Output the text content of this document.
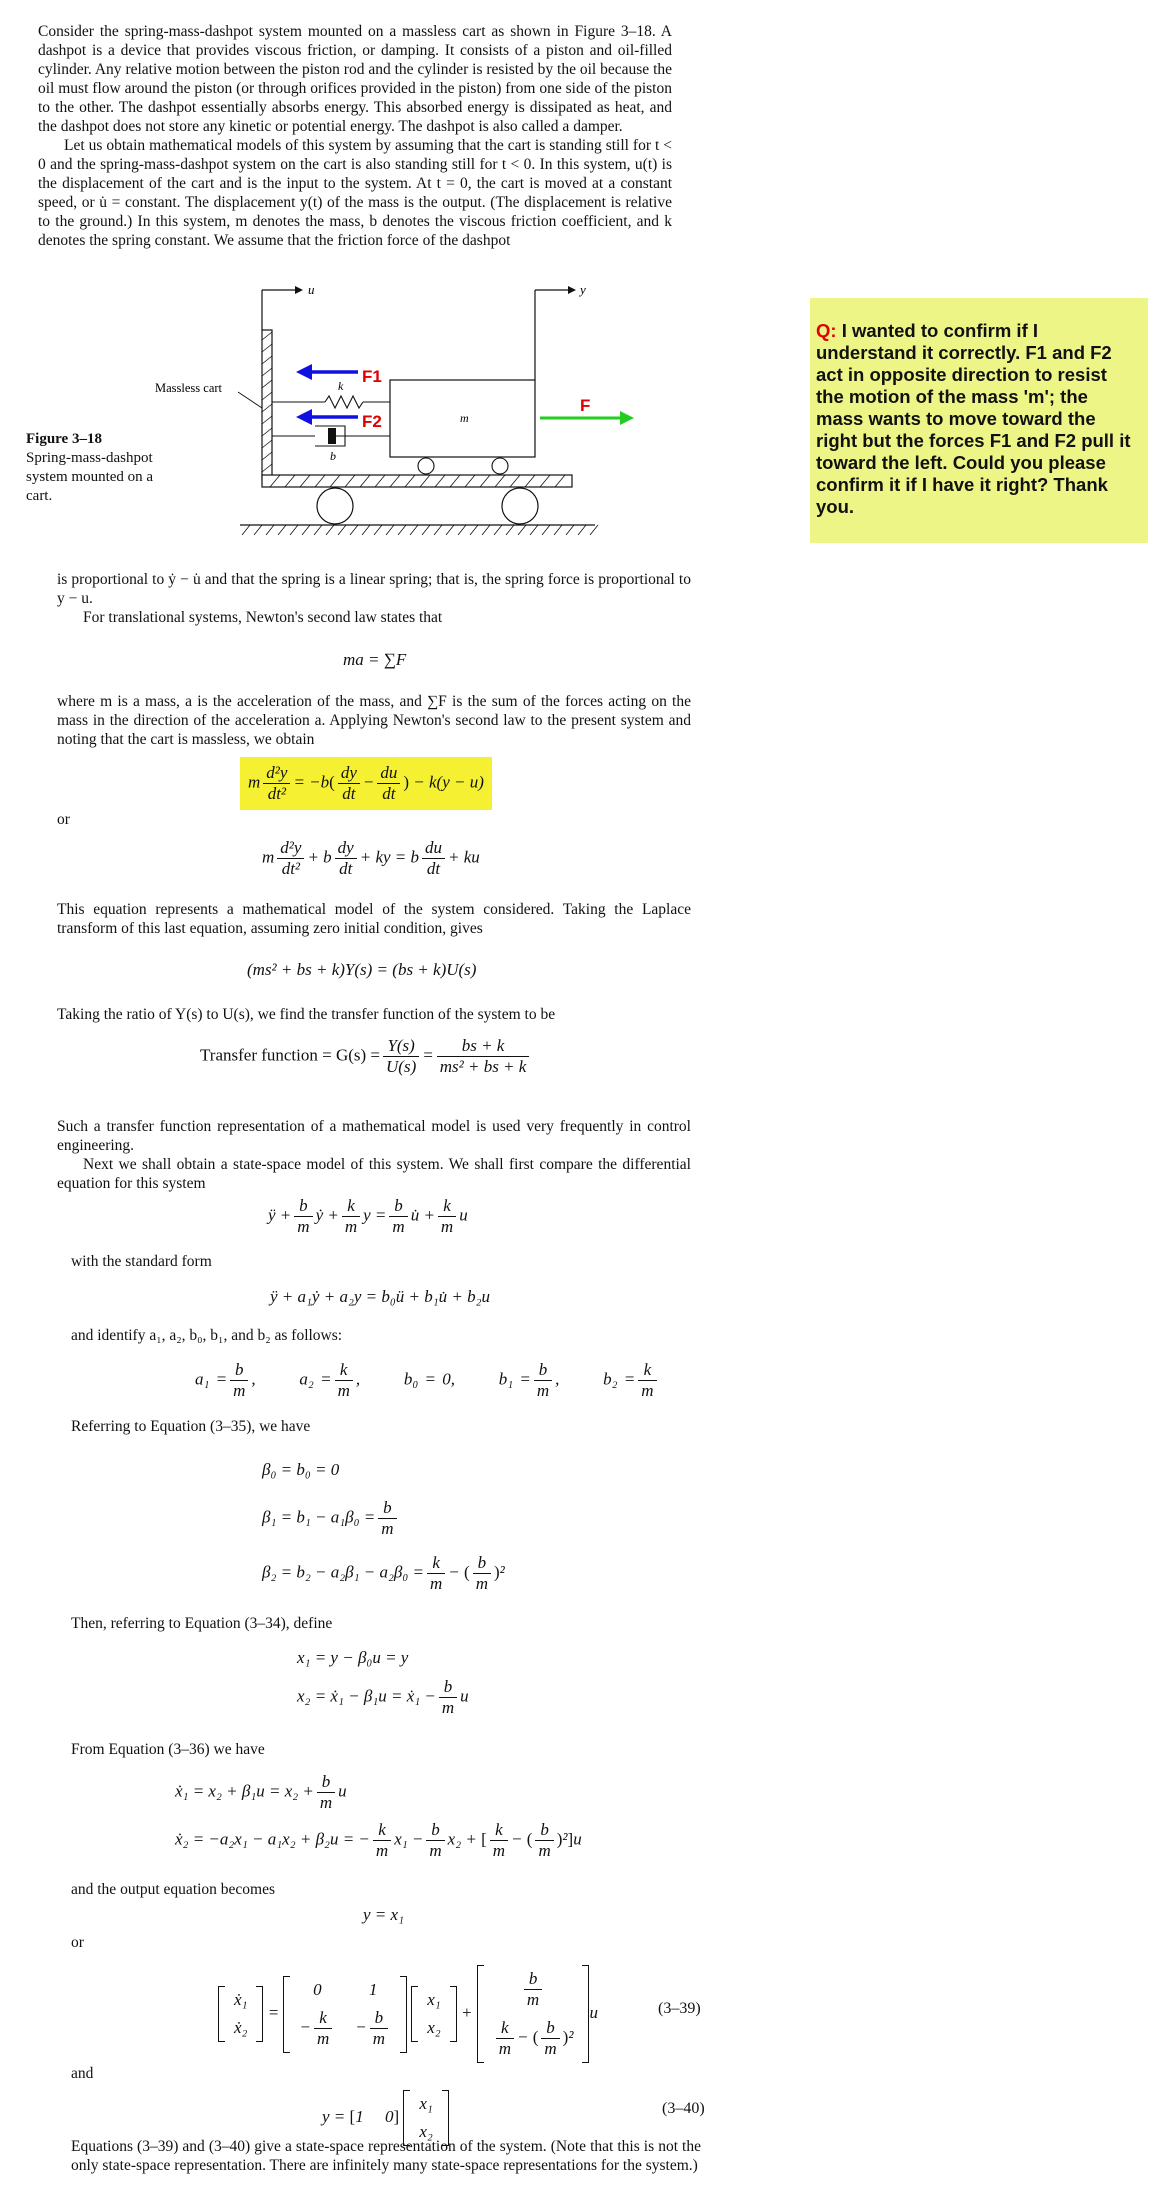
Consider the spring-mass-dashpot system mounted on a massless cart as shown in Figure 3–18. A dashpot is a device that provides viscous friction, or damping. It consists of a piston and oil-filled cylinder. Any relative motion between the piston rod and the cylinder is resisted by the oil because the oil must flow around the piston (or through orifices provided in the piston) from one side of the piston to the other. The dashpot essentially absorbs energy. This absorbed energy is dissipated as heat, and the dashpot does not store any kinetic or potential energy. The dashpot is also called a damper.

Let us obtain mathematical models of this system by assuming that the cart is standing still for t < 0 and the spring-mass-dashpot system on the cart is also standing still for t < 0. In this system, u(t) is the displacement of the cart and is the input to the system. At t = 0, the cart is moved at a constant speed, or u̇ = constant. The displacement y(t) of the mass is the output. (The displacement is relative to the ground.) In this system, m denotes the mass, b denotes the viscous friction coefficient, and k denotes the spring constant. We assume that the friction force of the dashpot

u	y
Massless cart
m
k
b
F1
F2
F
Figure 3–18
Spring-mass-dashpot system mounted on a cart.
Q: I wanted to confirm if I understand it correctly. F1 and F2 act in opposite direction to resist the motion of the mass 'm'; the mass wants to move toward the right but the forces F1 and F2 pull it toward the left. Could you please confirm it if I have it right? Thank you.

is proportional to ẏ − u̇ and that the spring is a linear spring; that is, the spring force is proportional to y − u.

For translational systems, Newton's second law states that

ma = ∑F
where m is a mass, a is the acceleration of the mass, and ∑F is the sum of the forces acting on the mass in the direction of the acceleration a. Applying Newton's second law to the present system and noting that the cart is massless, we obtain
m $\frac{\text{d²y}}{\text{dt²}} = -b( \frac{dy}{dt} - \frac{du}{dt}$ ) − k(y − u)
or
m $\frac{\text{d²y}}{\text{dt²}} + b \frac{dy}{dt}$ + ky = b $\frac{du}{dt}$ + ku
This equation represents a mathematical model of the system considered. Taking the Laplace transform of this last equation, assuming zero initial condition, gives
(ms² + bs + k)Y(s) = (bs + k)U(s)
Taking the ratio of Y(s) to U(s), we find the transfer function of the system to be
Transfer function = $G(s) = \frac{Y(s)}{U(s)} = \frac{bs + k}{\text{ms² + bs + k}}$

Such a transfer function representation of a mathematical model is used very frequently in control engineering.

Next we shall obtain a state-space model of this system. We shall first compare the differential equation for this system

ÿ + $\frac{b}{m}$ ẏ + $\frac{k}{m}$ $y = \frac{b}{m}$ u̇ + $\frac{k}{m}$ u
with the standard form
ÿ + a₁ẏ + a₂y = b₀ü + b₁u̇ + b₂u
and identify a₁, a₂, b₀, b₁, and b₂ as follows:
$a_1 = \frac{b}{m}$ ,       $a_2 = \frac{k}{m}$ ,       b₀ = 0,       $b_1 = \frac{b}{m}$ ,       $b_2 = \frac{k}{m}$
Referring to Equation (3–35), we have
β₀ = b₀ = 0
$\beta_1 = b_1 - a_1\beta_0 = \frac{b}{m}$
$\beta_2 = b_2 - a_2\beta_1 - a_2\beta_0 = \frac{k}{m}$ − ( $\frac{b}{m} )^2$
Then, referring to Equation (3–34), define
x₁ = y − β₀u = y
x₂ = ẋ₁ − β₁u = ẋ₁ − $\frac{b}{m}$ u
From Equation (3–36) we have
ẋ₁ = $x_2 + \beta_1u = x_2 + \frac{b}{m}$ u
ẋ₂ = −a₂x₁ − a₁x₂ + β₂u = − $\frac{k}{m} x_1 - \frac{b}{m} x_2$ + [ $\frac{k}{m}$ − ( $\frac{b}{m} )^2]u$
and the output equation becomes
y = x₁
or
ẋ₁
ẋ₂ = 0	1
− $\frac{k}{m}$	− $\frac{b}{m}$
x₁
x₂ +
$\frac{b}{m}$

$\frac{k}{m}$ − ( $\frac{b}{m} )^2u$	(3–39)
and
y = [1     0] x₁
x₂
(3–40)
Equations (3–39) and (3–40) give a state-space representation of the system. (Note that this is not the only state-space representation. There are infinitely many state-space representations for the system.)
